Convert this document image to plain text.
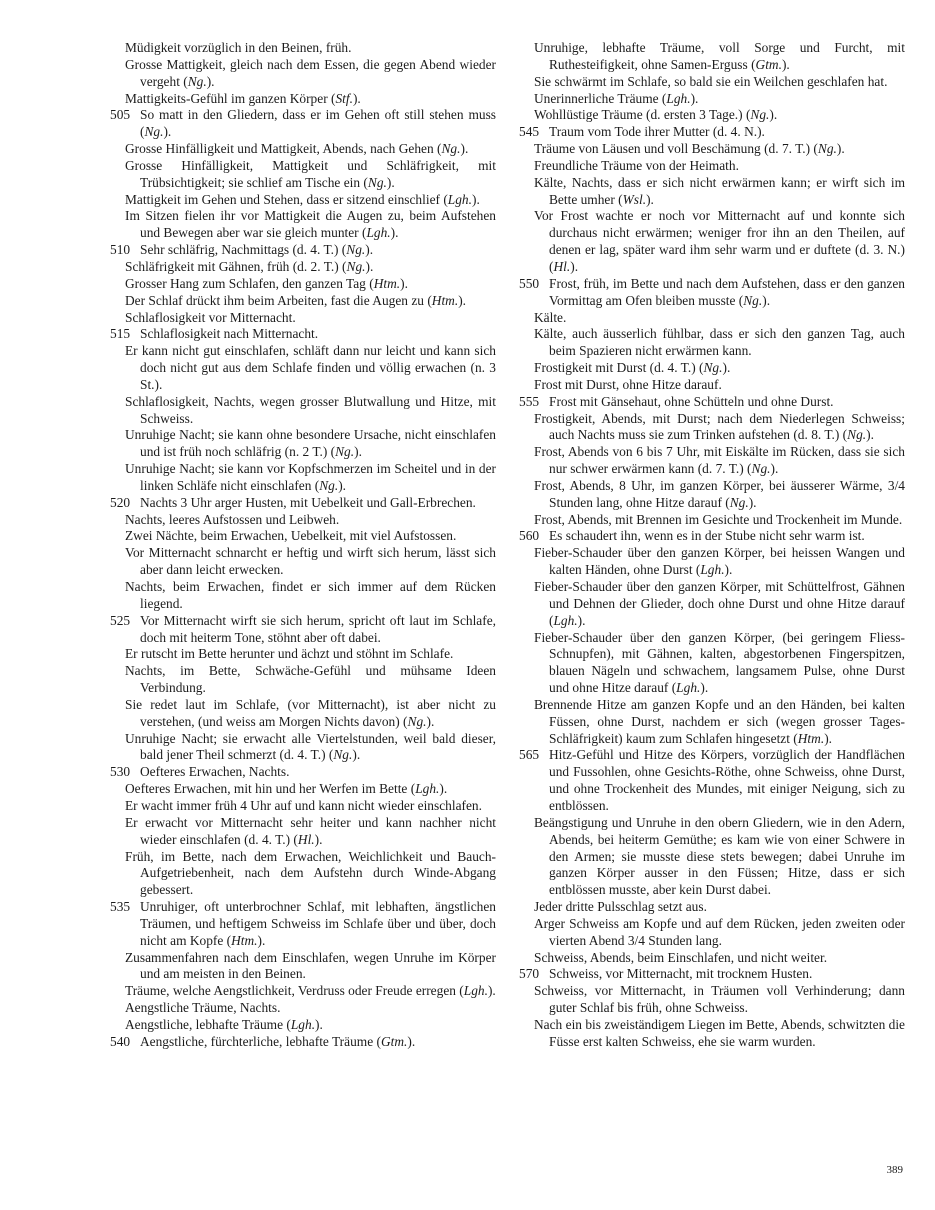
Müdigkeit vorzüglich in den Beinen, früh.

Grosse Mattigkeit, gleich nach dem Essen, die gegen Abend wieder vergeht (Ng.).

Mattigkeits-Gefühl im ganzen Körper (Stf.).

505 So matt in den Gliedern, dass er im Gehen oft still stehen muss (Ng.).

Grosse Hinfälligkeit und Mattigkeit, Abends, nach Gehen (Ng.).

Grosse Hinfälligkeit, Mattigkeit und Schläfrigkeit, mit Trübsichtigkeit; sie schlief am Tische ein (Ng.).

Mattigkeit im Gehen und Stehen, dass er sitzend einschlief (Lgh.).

Im Sitzen fielen ihr vor Mattigkeit die Augen zu, beim Aufstehen und Bewegen aber war sie gleich munter (Lgh.).

510 Sehr schläfrig, Nachmittags (d. 4. T.) (Ng.).

Schläfrigkeit mit Gähnen, früh (d. 2. T.) (Ng.).

Grosser Hang zum Schlafen, den ganzen Tag (Htm.).

Der Schlaf drückt ihm beim Arbeiten, fast die Augen zu (Htm.).

Schlaflosigkeit vor Mitternacht.

515 Schlaflosigkeit nach Mitternacht.

Er kann nicht gut einschlafen, schläft dann nur leicht und kann sich doch nicht gut aus dem Schlafe finden und völlig erwachen (n. 3 St.).

Schlaflosigkeit, Nachts, wegen grosser Blutwallung und Hitze, mit Schweiss.

Unruhige Nacht; sie kann ohne besondere Ursache, nicht einschlafen und ist früh noch schläfrig (n. 2 T.) (Ng.).

Unruhige Nacht; sie kann vor Kopfschmerzen im Scheitel und in der linken Schläfe nicht einschlafen (Ng.).

520 Nachts 3 Uhr arger Husten, mit Uebelkeit und Gall-Erbrechen.

Nachts, leeres Aufstossen und Leibweh.

Zwei Nächte, beim Erwachen, Uebelkeit, mit viel Aufstossen.

Vor Mitternacht schnarcht er heftig und wirft sich herum, lässt sich aber dann leicht erwecken.

Nachts, beim Erwachen, findet er sich immer auf dem Rücken liegend.

525 Vor Mitternacht wirft sie sich herum, spricht oft laut im Schlafe, doch mit heiterm Tone, stöhnt aber oft dabei.

Er rutscht im Bette herunter und ächzt und stöhnt im Schlafe.

Nachts, im Bette, Schwäche-Gefühl und mühsame Ideen Verbindung.

Sie redet laut im Schlafe, (vor Mitternacht), ist aber nicht zu verstehen, (und weiss am Morgen Nichts davon) (Ng.).

Unruhige Nacht; sie erwacht alle Viertelstunden, weil bald dieser, bald jener Theil schmerzt (d. 4. T.) (Ng.).

530 Oefteres Erwachen, Nachts.

Oefteres Erwachen, mit hin und her Werfen im Bette (Lgh.).

Er wacht immer früh 4 Uhr auf und kann nicht wieder einschlafen.

Er erwacht vor Mitternacht sehr heiter und kann nachher nicht wieder einschlafen (d. 4. T.) (Hl.).

Früh, im Bette, nach dem Erwachen, Weichlichkeit und Bauch-Aufgetriebenheit, nach dem Aufstehn durch Winde-Abgang gebessert.

535 Unruhiger, oft unterbrochner Schlaf, mit lebhaften, ängstlichen Träumen, und heftigem Schweiss im Schlafe über und über, doch nicht am Kopfe (Htm.).

Zusammenfahren nach dem Einschlafen, wegen Unruhe im Körper und am meisten in den Beinen.

Träume, welche Aengstlichkeit, Verdruss oder Freude erregen (Lgh.).

Aengstliche Träume, Nachts.

Aengstliche, lebhafte Träume (Lgh.).

540 Aengstliche, fürchterliche, lebhafte Träume (Gtm.).

Unruhige, lebhafte Träume, voll Sorge und Furcht, mit Ruthesteifigkeit, ohne Samen-Erguss (Gtm.).

Sie schwärmt im Schlafe, so bald sie ein Weilchen geschlafen hat.

Unerinnerliche Träume (Lgh.).

Wohllüstige Träume (d. ersten 3 Tage.) (Ng.).

545 Traum vom Tode ihrer Mutter (d. 4. N.).

Träume von Läusen und voll Beschämung (d. 7. T.) (Ng.).

Freundliche Träume von der Heimath.

Kälte, Nachts, dass er sich nicht erwärmen kann; er wirft sich im Bette umher (Wsl.).

Vor Frost wachte er noch vor Mitternacht auf und konnte sich durchaus nicht erwärmen; weniger fror ihn an den Theilen, auf denen er lag, später ward ihm sehr warm und er duftete (d. 3. N.) (Hl.).

550 Frost, früh, im Bette und nach dem Aufstehen, dass er den ganzen Vormittag am Ofen bleiben musste (Ng.).

Kälte.

Kälte, auch äusserlich fühlbar, dass er sich den ganzen Tag, auch beim Spazieren nicht erwärmen kann.

Frostigkeit mit Durst (d. 4. T.) (Ng.).

Frost mit Durst, ohne Hitze darauf.

555 Frost mit Gänsehaut, ohne Schütteln und ohne Durst.

Frostigkeit, Abends, mit Durst; nach dem Niederlegen Schweiss; auch Nachts muss sie zum Trinken aufstehen (d. 8. T.) (Ng.).

Frost, Abends von 6 bis 7 Uhr, mit Eiskälte im Rücken, dass sie sich nur schwer erwärmen kann (d. 7. T.) (Ng.).

Frost, Abends, 8 Uhr, im ganzen Körper, bei äusserer Wärme, 3/4 Stunden lang, ohne Hitze darauf (Ng.).

Frost, Abends, mit Brennen im Gesichte und Trockenheit im Munde.

560 Es schaudert ihn, wenn es in der Stube nicht sehr warm ist.

Fieber-Schauder über den ganzen Körper, bei heissen Wangen und kalten Händen, ohne Durst (Lgh.).

Fieber-Schauder über den ganzen Körper, mit Schüttelfrost, Gähnen und Dehnen der Glieder, doch ohne Durst und ohne Hitze darauf (Lgh.).

Fieber-Schauder über den ganzen Körper, (bei geringem Fliess-Schnupfen), mit Gähnen, kalten, abgestorbenen Fingerspitzen, blauen Nägeln und schwachem, langsamem Pulse, ohne Durst und ohne Hitze darauf (Lgh.).

Brennende Hitze am ganzen Kopfe und an den Händen, bei kalten Füssen, ohne Durst, nachdem er sich (wegen grosser Tages-Schläfrigkeit) kaum zum Schlafen hingesetzt (Htm.).

565 Hitz-Gefühl und Hitze des Körpers, vorzüglich der Handflächen und Fussohlen, ohne Gesichts-Röthe, ohne Schweiss, ohne Durst, und ohne Trockenheit des Mundes, mit einiger Neigung, sich zu entblössen.

Beängstigung und Unruhe in den obern Gliedern, wie in den Adern, Abends, bei heiterm Gemüthe; es kam wie von einer Schwere in den Armen; sie musste diese stets bewegen; dabei Unruhe im ganzen Körper ausser in den Füssen; Hitze, dass er sich entblössen musste, aber kein Durst dabei.

Jeder dritte Pulsschlag setzt aus.

Arger Schweiss am Kopfe und auf dem Rücken, jeden zweiten oder vierten Abend 3/4 Stunden lang.

Schweiss, Abends, beim Einschlafen, und nicht weiter.

570 Schweiss, vor Mitternacht, mit trocknem Husten.

Schweiss, vor Mitternacht, in Träumen voll Verhinderung; dann guter Schlaf bis früh, ohne Schweiss.

Nach ein bis zweiständigem Liegen im Bette, Abends, schwitzten die Füsse erst kalten Schweiss, ehe sie warm wurden.

389
